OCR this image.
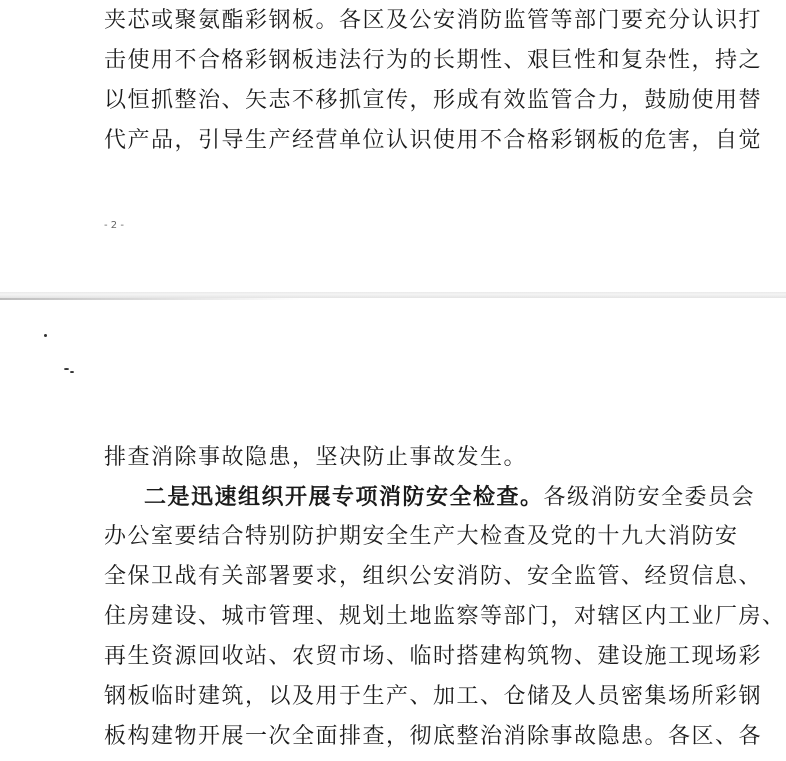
夹芯或聚氨酯彩钢板。各区及公安消防监管等部门要充分认识打

击使用不合格彩钢板违法行为的长期性、艰巨性和复杂性，持之

以恒抓整治、矢志不移抓宣传，形成有效监管合力，鼓励使用替

代产品，引导生产经营单位认识使用不合格彩钢板的危害，自觉

- 2 -

排查消除事故隐患，坚决防止事故发生。

二是迅速组织开展专项消防安全检查。各级消防安全委员会

办公室要结合特别防护期安全生产大检查及党的十九大消防安

全保卫战有关部署要求，组织公安消防、安全监管、经贸信息、

住房建设、城市管理、规划土地监察等部门，对辖区内工业厂房、

再生资源回收站、农贸市场、临时搭建构筑物、建设施工现场彩

钢板临时建筑，以及用于生产、加工、仓储及人员密集场所彩钢

板构建物开展一次全面排查，彻底整治消除事故隐患。各区、各
